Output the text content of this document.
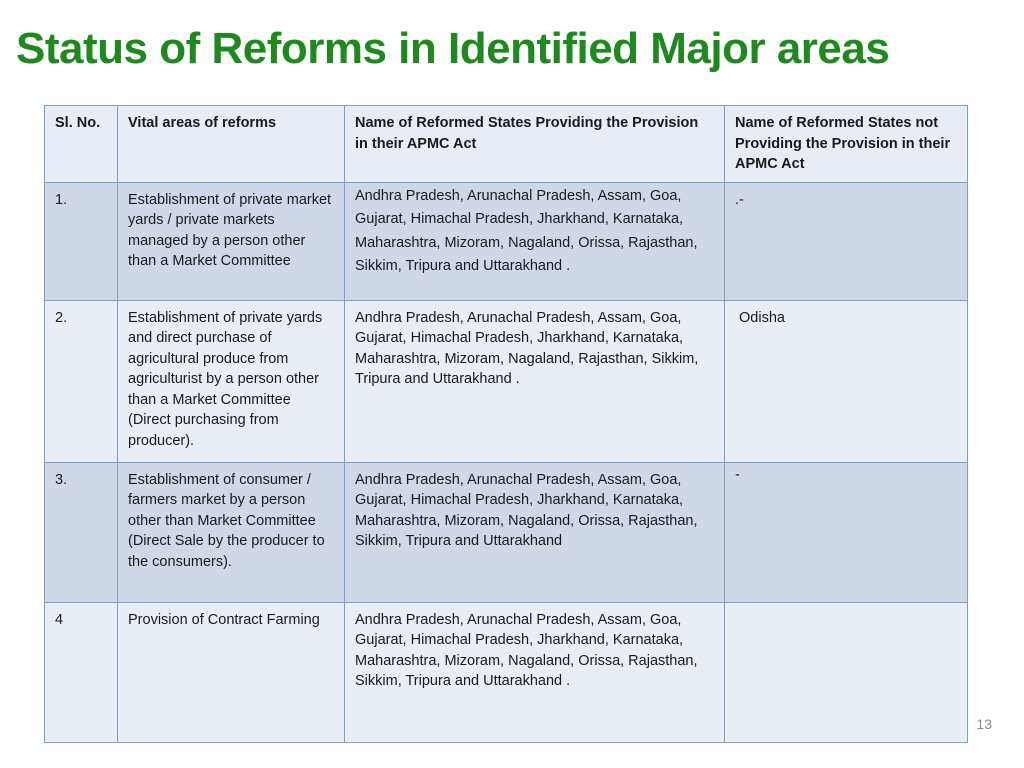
Status of Reforms in Identified Major areas
Sl. No.	Vital areas of reforms	Name of Reformed States Providing the Provision in their APMC Act	Name of Reformed States not Providing the Provision in their APMC Act
1.	Establishment of private market yards / private markets managed by a person other than a Market Committee	Andhra Pradesh, Arunachal Pradesh, Assam, Goa, Gujarat, Himachal Pradesh, Jharkhand, Karnataka, Maharashtra, Mizoram, Nagaland, Orissa, Rajasthan, Sikkim, Tripura and Uttarakhand .	.-
2.	Establishment of private yards and direct purchase of agricultural produce from agriculturist by a person other than a Market Committee (Direct purchasing from producer).	Andhra Pradesh, Arunachal Pradesh, Assam, Goa, Gujarat, Himachal Pradesh, Jharkhand, Karnataka, Maharashtra, Mizoram, Nagaland, Rajasthan, Sikkim, Tripura and Uttarakhand .	Odisha
3.	Establishment of consumer / farmers market by a person other than Market Committee (Direct Sale by the producer to the consumers).	Andhra Pradesh, Arunachal Pradesh, Assam, Goa, Gujarat, Himachal Pradesh, Jharkhand, Karnataka, Maharashtra, Mizoram, Nagaland, Orissa, Rajasthan, Sikkim, Tripura and Uttarakhand	-
4	Provision of Contract Farming	Andhra Pradesh, Arunachal Pradesh, Assam, Goa, Gujarat, Himachal Pradesh, Jharkhand, Karnataka, Maharashtra, Mizoram, Nagaland, Orissa, Rajasthan, Sikkim, Tripura and Uttarakhand .	
13
